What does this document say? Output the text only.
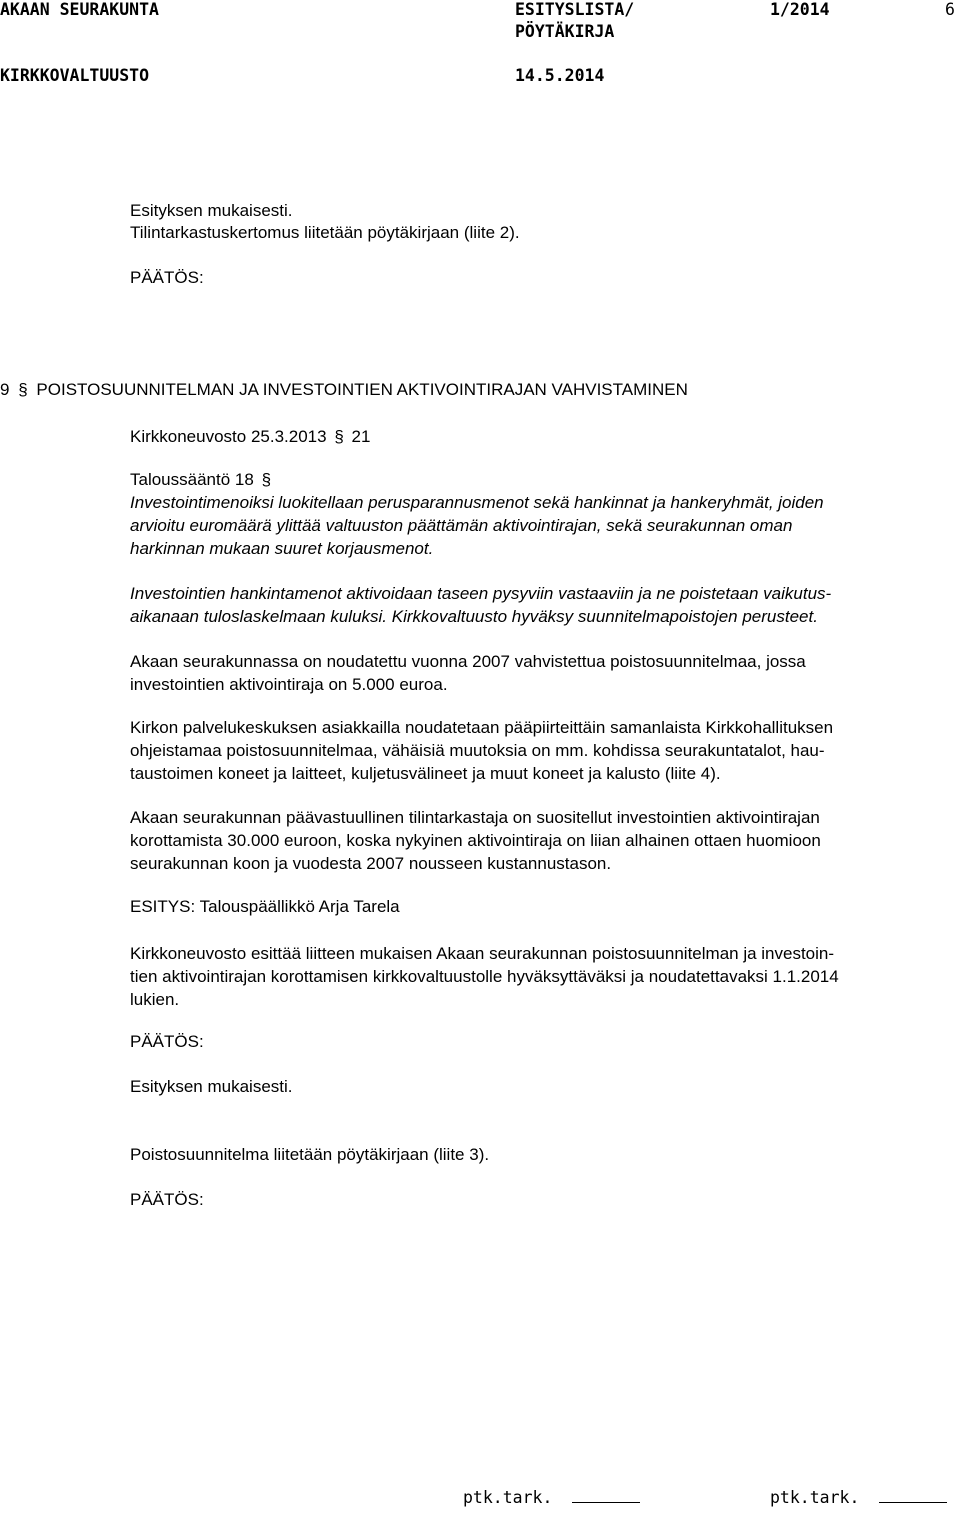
AKAAN SEURAKUNTA	ESITYSLISTA/
PÖYTÄKIRJA
1/2014	6
KIRKKOVALTUUSTO	14.5.2014
Esityksen mukaisesti.
Tilintarkastuskertomus liitetään pöytäkirjaan (liite 2).
PÄÄTÖS:
9 § POISTOSUUNNITELMAN JA INVESTOINTIEN AKTIVOINTIRAJAN VAHVISTAMINEN
Kirkkoneuvosto 25.3.2013 § 21
Taloussääntö 18 §
Investointimenoiksi luokitellaan perusparannusmenot sekä hankinnat ja hankeryhmät, joiden
arvioitu euromäärä ylittää valtuuston päättämän aktivointirajan, sekä seurakunnan oman
harkinnan mukaan suuret korjausmenot.
Investointien hankintamenot aktivoidaan taseen pysyviin vastaaviin ja ne poistetaan vaikutus-
aikanaan tuloslaskelmaan kuluksi. Kirkkovaltuusto hyväksy suunnitelmapoistojen perusteet.
Akaan seurakunnassa on noudatettu vuonna 2007 vahvistettua poistosuunnitelmaa, jossa
investointien aktivointiraja on 5.000 euroa.
Kirkon palvelukeskuksen asiakkailla noudatetaan pääpiirteittäin samanlaista Kirkkohallituksen
ohjeistamaa poistosuunnitelmaa, vähäisiä muutoksia on mm. kohdissa seurakuntatalot, hau-
taustoimen koneet ja laitteet, kuljetusvälineet ja muut koneet ja kalusto (liite 4).
Akaan seurakunnan päävastuullinen tilintarkastaja on suositellut investointien aktivointirajan
korottamista 30.000 euroon, koska nykyinen aktivointiraja on liian alhainen ottaen huomioon
seurakunnan koon ja vuodesta 2007 nousseen kustannustason.
ESITYS: Talouspäällikkö Arja Tarela
Kirkkoneuvosto esittää liitteen mukaisen Akaan seurakunnan poistosuunnitelman ja investoin-
tien aktivointirajan korottamisen kirkkovaltuustolle hyväksyttäväksi ja noudatettavaksi 1.1.2014
lukien.
PÄÄTÖS:
Esityksen mukaisesti.
Poistosuunnitelma liitetään pöytäkirjaan (liite 3).
PÄÄTÖS:
ptk.tark.	ptk.tark.
